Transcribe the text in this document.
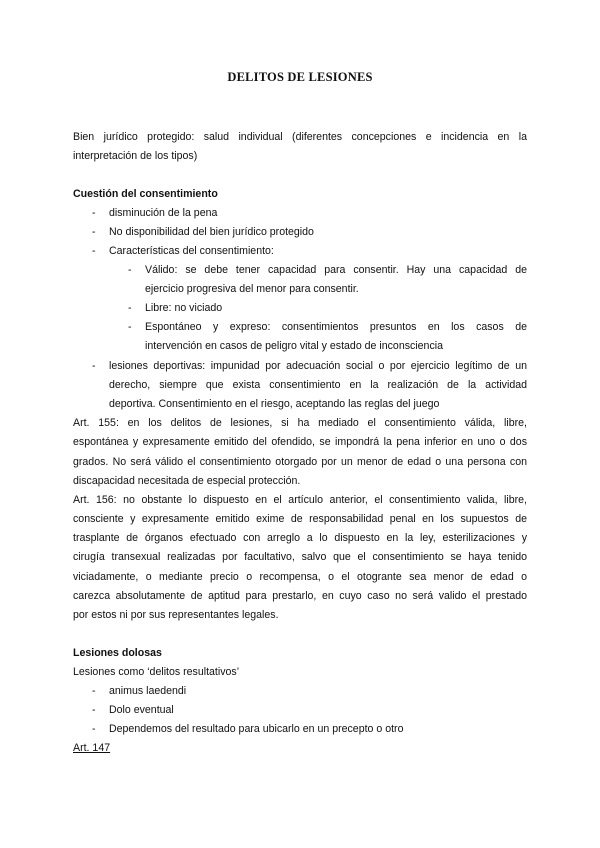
DELITOS DE LESIONES
Bien jurídico protegido: salud individual (diferentes concepciones e incidencia en la
interpretación de los tipos)
Cuestión del consentimiento
- disminución de la pena
- No disponibilidad del bien jurídico protegido
- Características del consentimiento:
- Válido: se debe tener capacidad para consentir. Hay una capacidad de
ejercicio progresiva del menor para consentir.
- Libre: no viciado
- Espontáneo y expreso: consentimientos presuntos en los casos de
intervención en casos de peligro vital y estado de inconsciencia
- lesiones deportivas: impunidad por adecuación social o por ejercicio legítimo de un
derecho, siempre que exista consentimiento en la realización de la actividad
deportiva. Consentimiento en el riesgo, aceptando las reglas del juego
Art. 155: en los delitos de lesiones, si ha mediado el consentimiento válida, libre,
espontánea y expresamente emitido del ofendido, se impondrá la pena inferior en uno o dos
grados. No será válido el consentimiento otorgado por un menor de edad o una persona con
discapacidad necesitada de especial protección.
Art. 156: no obstante lo dispuesto en el artículo anterior, el consentimiento valida, libre,
consciente y expresamente emitido exime de responsabilidad penal en los supuestos de
trasplante de órganos efectuado con arreglo a lo dispuesto en la ley, esterilizaciones y
cirugía transexual realizadas por facultativo, salvo que el consentimiento se haya tenido
viciadamente, o mediante precio o recompensa, o el otogrante sea menor de edad o
carezca absolutamente de aptitud para prestarlo, en cuyo caso no será valido el prestado
por estos ni por sus representantes legales.
Lesiones dolosas
Lesiones como ‘delitos resultativos’
- animus laedendi
- Dolo eventual
- Dependemos del resultado para ubicarlo en un precepto o otro
Art. 147
